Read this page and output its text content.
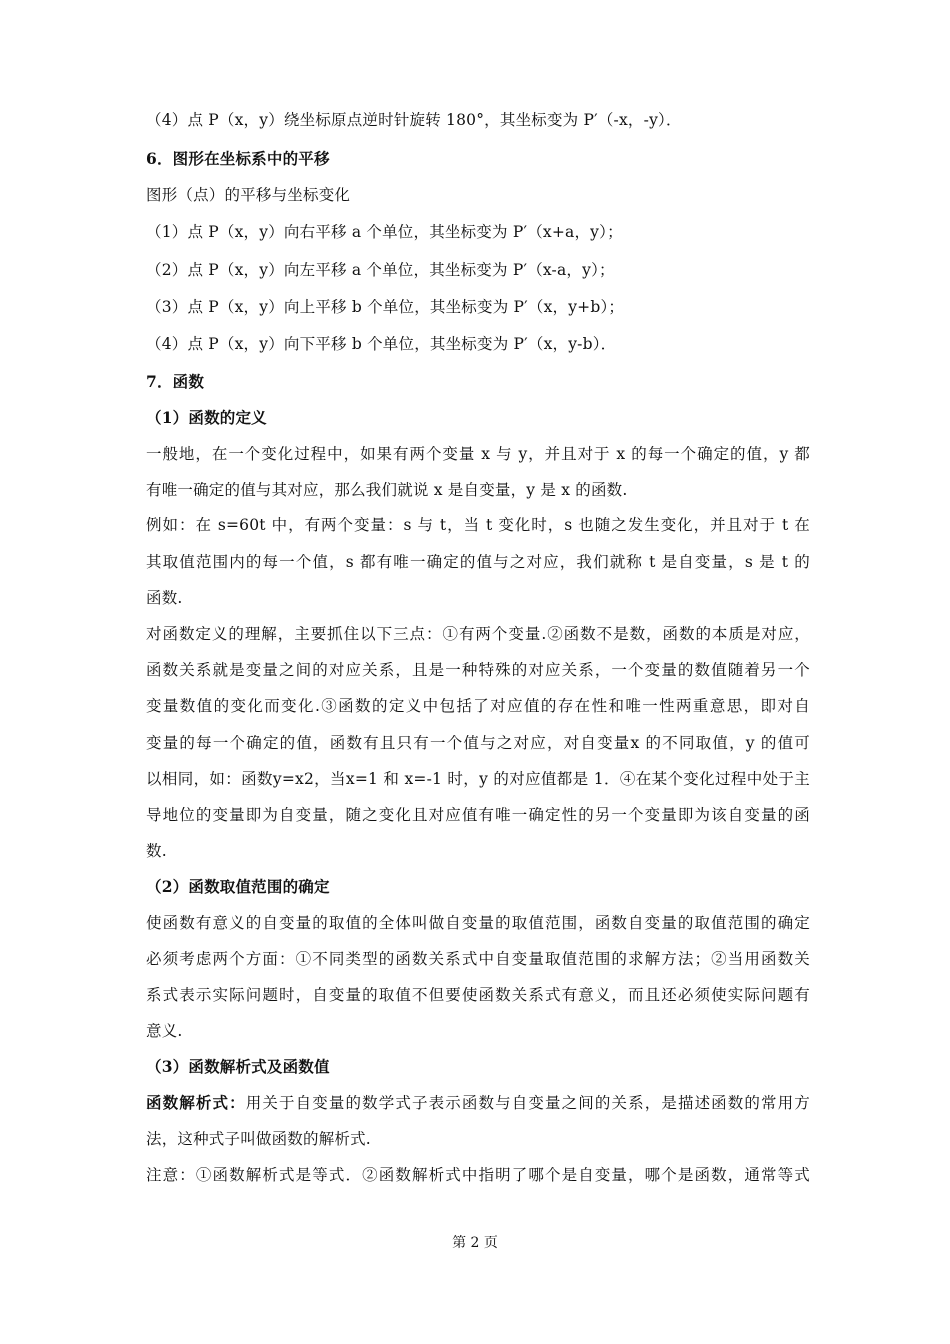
（4）点 P（x，y）绕坐标原点逆时针旋转 180°，其坐标变为 P′（-x，-y）．
6．图形在坐标系中的平移
图形（点）的平移与坐标变化
（1）点 P（x，y）向右平移 a 个单位，其坐标变为 P′（x+a，y）；
（2）点 P（x，y）向左平移 a 个单位，其坐标变为 P′（x-a，y）；
（3）点 P（x，y）向上平移 b 个单位，其坐标变为 P′（x，y+b）；
（4）点 P（x，y）向下平移 b 个单位，其坐标变为 P′（x，y-b）．
7．函数
（1）函数的定义
一般地，在一个变化过程中，如果有两个变量 x 与 y，并且对于 x 的每一个确定的值，y 都
有唯一确定的值与其对应，那么我们就说 x 是自变量，y 是 x 的函数.
例如：在 s=60t 中，有两个变量：s 与 t，当 t 变化时，s 也随之发生变化，并且对于 t 在
其取值范围内的每一个值，s 都有唯一确定的值与之对应，我们就称 t 是自变量，s 是 t 的
函数.
对函数定义的理解，主要抓住以下三点：①有两个变量.②函数不是数，函数的本质是对应，
函数关系就是变量之间的对应关系，且是一种特殊的对应关系，一个变量的数值随着另一个
变量数值的变化而变化.③函数的定义中包括了对应值的存在性和唯一性两重意思，即对自
变量的每一个确定的值，函数有且只有一个值与之对应，对自变量x 的不同取值，y 的值可
以相同，如：函数y=x2，当x=1 和 x=-1 时，y 的对应值都是 1．④在某个变化过程中处于主
导地位的变量即为自变量，随之变化且对应值有唯一确定性的另一个变量即为该自变量的函
数.
（2）函数取值范围的确定
使函数有意义的自变量的取值的全体叫做自变量的取值范围，函数自变量的取值范围的确定
必须考虑两个方面：①不同类型的函数关系式中自变量取值范围的求解方法；②当用函数关
系式表示实际问题时，自变量的取值不但要使函数关系式有意义，而且还必须使实际问题有
意义.
（3）函数解析式及函数值
函数解析式：用关于自变量的数学式子表示函数与自变量之间的关系，是描述函数的常用方
法，这种式子叫做函数的解析式.
注意：①函数解析式是等式．②函数解析式中指明了哪个是自变量，哪个是函数，通常等式
第 2 页
